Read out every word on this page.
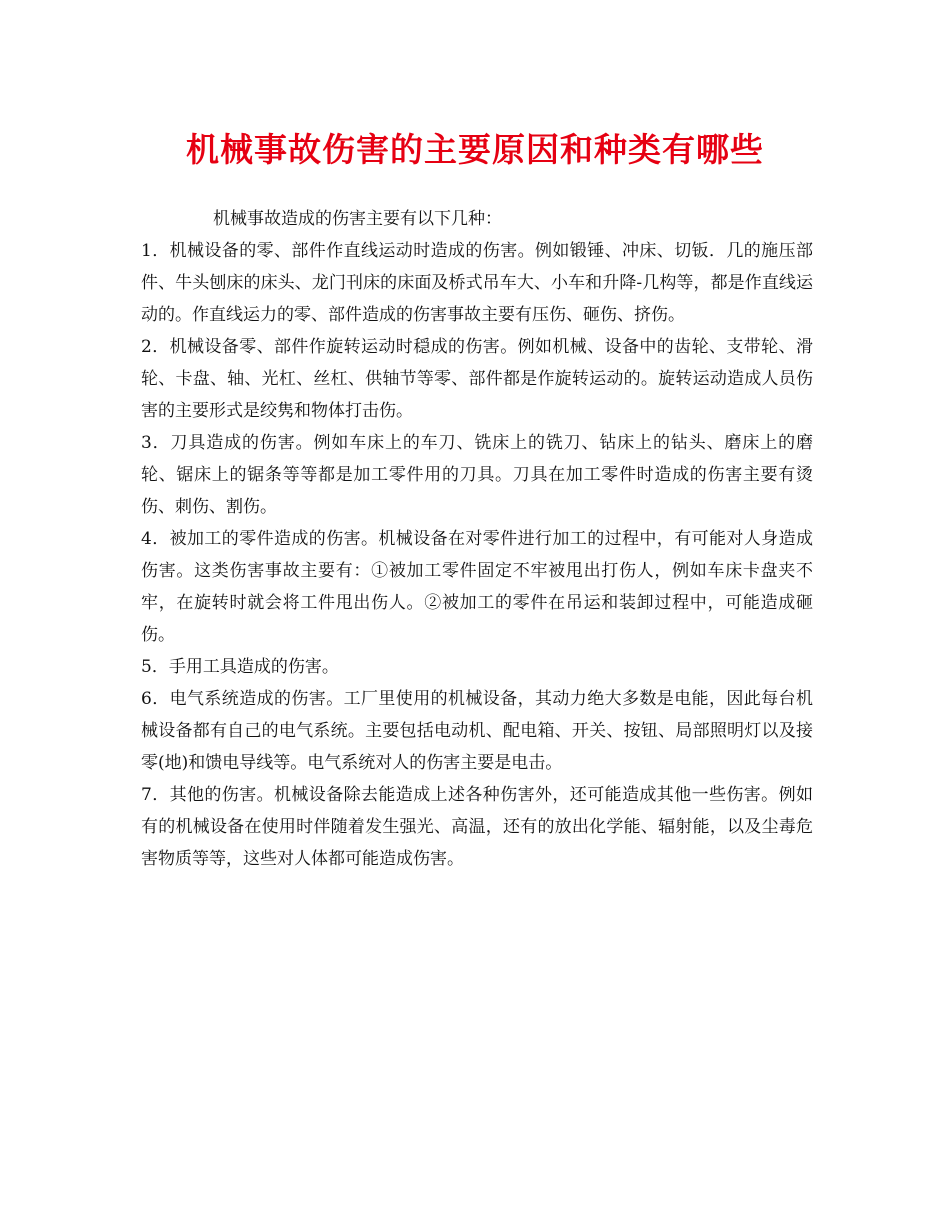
机械事故伤害的主要原因和种类有哪些

机械事故造成的伤害主要有以下几种：

1．机械设备的零、部件作直线运动时造成的伤害。例如锻锤、冲床、切钣．几的施压部件、牛头刨床的床头、龙门刊床的床面及桥式吊车大、小车和升降-几构等，都是作直线运动的。作直线运力的零、部件造成的伤害事故主要有压伤、砸伤、挤伤。

2．机械设备零、部件作旋转运动时穏成的伤害。例如机械、设备中的齿轮、支带轮、滑轮、卡盘、轴、光杠、丝杠、供轴节等零、部件都是作旋转运动的。旋转运动造成人员伤害的主要形式是绞隽和物体打击伤。

3．刀具造成的伤害。例如车床上的车刀、铣床上的铣刀、钻床上的钻头、磨床上的磨轮、锯床上的锯条等等都是加工零件用的刀具。刀具在加工零件时造成的伤害主要有烫伤、刺伤、割伤。

4．被加工的零件造成的伤害。机械设备在对零件进行加工的过程中，有可能对人身造成伤害。这类伤害事故主要有：①被加工零件固定不牢被甩出打伤人，例如车床卡盘夹不牢，在旋转时就会将工件甩出伤人。②被加工的零件在吊运和装卸过程中，可能造成砸伤。

5．手用工具造成的伤害。

6．电气系统造成的伤害。工厂里使用的机械设备，其动力绝大多数是电能，因此每台机械设备都有自己的电气系统。主要包括电动机、配电箱、开关、按钮、局部照明灯以及接零(地)和馈电导线等。电气系统对人的伤害主要是电击。

7．其他的伤害。机械设备除去能造成上述各种伤害外，还可能造成其他一些伤害。例如有的机械设备在使用时伴随着发生强光、高温，还有的放出化学能、辐射能，以及尘毒危害物质等等，这些对人体都可能造成伤害。
